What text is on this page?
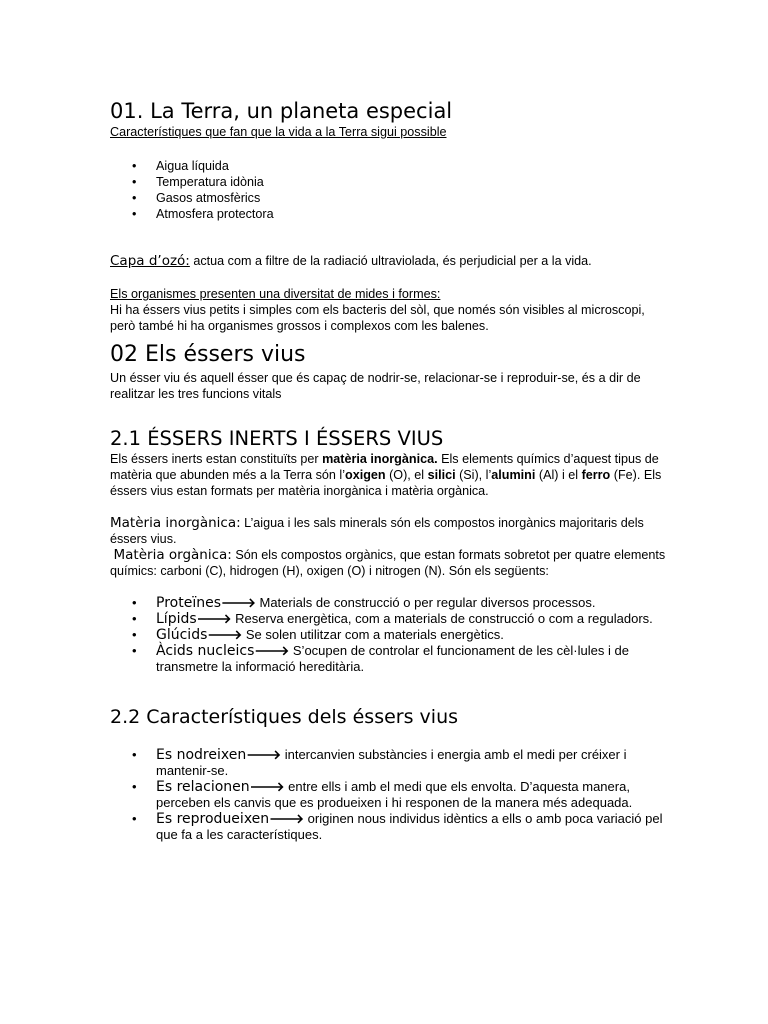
01. La Terra, un planeta especial
Característiques que fan que la vida a la Terra sigui possible
• Aigua líquida
• Temperatura idònia
• Gasos atmosfèrics
• Atmosfera protectora
Capa d’ozó: actua com a filtre de la radiació ultraviolada, és perjudicial per a la vida.
Els organismes presenten una diversitat de mides i formes:
Hi ha éssers vius petits i simples com els bacteris del sòl, que només són visibles al microscopi, però també hi ha organismes grossos i complexos com les balenes.
02 Els éssers vius
Un ésser viu és aquell ésser que és capaç de nodrir-se, relacionar-se i reproduir-se, és a dir de realitzar les tres funcions vitals
2.1 ÉSSERS INERTS I ÉSSERS VIUS
Els éssers inerts estan constituïts per matèria inorgànica. Els elements químics d’aquest tipus de matèria que abunden més a la Terra són l’oxigen (O), el silici (Si), l’alumini (Al) i el ferro (Fe). Els éssers vius estan formats per matèria inorgànica i matèria orgànica.
Matèria inorgànica: L’aigua i les sals minerals són els compostos inorgànics majoritaris dels éssers vius.
Matèria orgànica: Són els compostos orgànics, que estan formats sobretot per quatre elements químics: carboni (C), hidrogen (H), oxigen (O) i nitrogen (N). Són els següents:
• Proteïnes🡒 Materials de construcció o per regular diversos processos.
• Lípids🡒 Reserva energètica, com a materials de construcció o com a reguladors.
• Glúcids🡒 Se solen utilitzar com a materials energètics.
• Àcids nucleics🡒 S’ocupen de controlar el funcionament de les cèl·lules i de transmetre la informació hereditària.
2.2 Característiques dels éssers vius
• Es nodreixen🡒 intercanvien substàncies i energia amb el medi per créixer i mantenir-se.
• Es relacionen🡒 entre ells i amb el medi que els envolta. D’aquesta manera, perceben els canvis que es produeixen i hi responen de la manera més adequada.
• Es reprodueixen🡒 originen nous individus idèntics a ells o amb poca variació pel que fa a les característiques.
